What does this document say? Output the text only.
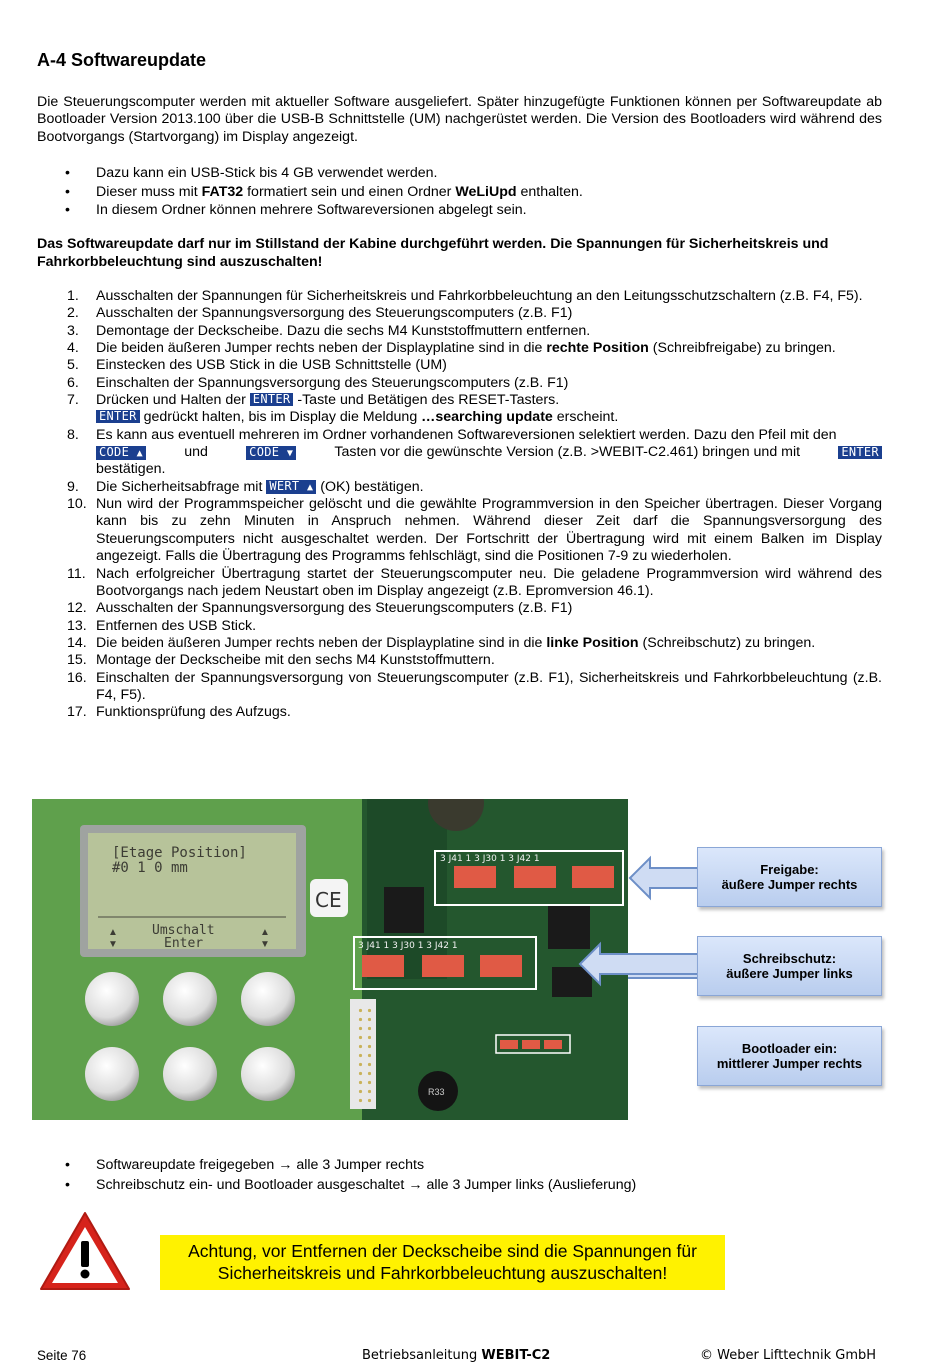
A-4 Softwareupdate

Die Steuerungscomputer werden mit aktueller Software ausgeliefert. Später hinzugefügte Funktionen können per Softwareupdate ab Bootloader Version 2013.100 über die USB-B Schnittstelle (UM) nachgerüstet werden. Die Version des Bootloaders wird während des Bootvorgangs (Startvorgang) im Display angezeigt.

• Dazu kann ein USB-Stick bis 4 GB verwendet werden.
• Dieser muss mit FAT32 formatiert sein und einen Ordner WeLiUpd enthalten.
• In diesem Ordner können mehrere Softwareversionen abgelegt sein.

Das Softwareupdate darf nur im Stillstand der Kabine durchgeführt werden. Die Spannungen für Sicherheitskreis und Fahrkorbbeleuchtung sind auszuschalten!

1. Ausschalten der Spannungen für Sicherheitskreis und Fahrkorbbeleuchtung an den Leitungsschutzschaltern (z.B. F4, F5).
2. Ausschalten der Spannungsversorgung des Steuerungscomputers (z.B. F1)
3. Demontage der Deckscheibe. Dazu die sechs M4 Kunststoffmuttern entfernen.
4. Die beiden äußeren Jumper rechts neben der Displayplatine sind in die rechte Position (Schreibfreigabe) zu bringen.
5. Einstecken des USB Stick in die USB Schnittstelle (UM)
6. Einschalten der Spannungsversorgung des Steuerungscomputers (z.B. F1)
7. Drücken und Halten der ENTER -Taste und Betätigen des RESET-Tasters.
ENTER gedrückt halten, bis im Display die Meldung …searching update erscheint.
8. Es kann aus eventuell mehreren im Ordner vorhandenen Softwareversionen selektiert werden. Dazu den Pfeil mit den

CODE ▲	und	CODE ▼	Tasten vor die gewünschte Version (z.B. >WEBIT-C2.461) bringen und mit	ENTER
bestätigen.
9. Die Sicherheitsabfrage mit WERT ▲ (OK) bestätigen.
10. Nun wird der Programmspeicher gelöscht und die gewählte Programmversion in den Speicher übertragen. Dieser Vorgang kann bis zu zehn Minuten in Anspruch nehmen. Während dieser Zeit darf die Spannungsversorgung des Steuerungscomputers nicht ausgeschaltet werden. Der Fortschritt der Übertragung wird mit einem Balken im Display angezeigt. Falls die Übertragung des Programms fehlschlägt, sind die Positionen 7-9 zu wiederholen.
11. Nach erfolgreicher Übertragung startet der Steuerungscomputer neu. Die geladene Programmversion wird während des Bootvorgangs nach jedem Neustart oben im Display angezeigt (z.B. Epromversion 46.1).
12. Ausschalten der Spannungsversorgung des Steuerungscomputers (z.B. F1)
13. Entfernen des USB Stick.
14. Die beiden äußeren Jumper rechts neben der Displayplatine sind in die linke Position (Schreibschutz) zu bringen.
15. Montage der Deckscheibe mit den sechs M4 Kunststoffmuttern.
16. Einschalten der Spannungsversorgung von Steuerungscomputer (z.B. F1), Sicherheitskreis und Fahrkorbbeleuchtung (z.B. F4, F5).
17. Funktionsprüfung des Aufzugs.
[Etage Position]
#0 1 0 mm
Umschalt
Enter
▲
▼
▲
▼
CE
R33
3 J41 1 3 J30 1 3 J42 1
3 J41 1 3 J30 1 3 J42 1
Freigabe:
äußere Jumper rechts
Schreibschutz:
äußere Jumper links
Bootloader ein:
mittlerer Jumper rechts
• Softwareupdate freigegeben → alle 3 Jumper rechts
• Schreibschutz ein- und Bootloader ausgeschaltet → alle 3 Jumper links (Auslieferung)
Achtung, vor Entfernen der Deckscheibe sind die Spannungen für
Sicherheitskreis und Fahrkorbbeleuchtung auszuschalten!
Seite 76	Betriebsanleitung WEBIT-C2	© Weber Lifttechnik GmbH
